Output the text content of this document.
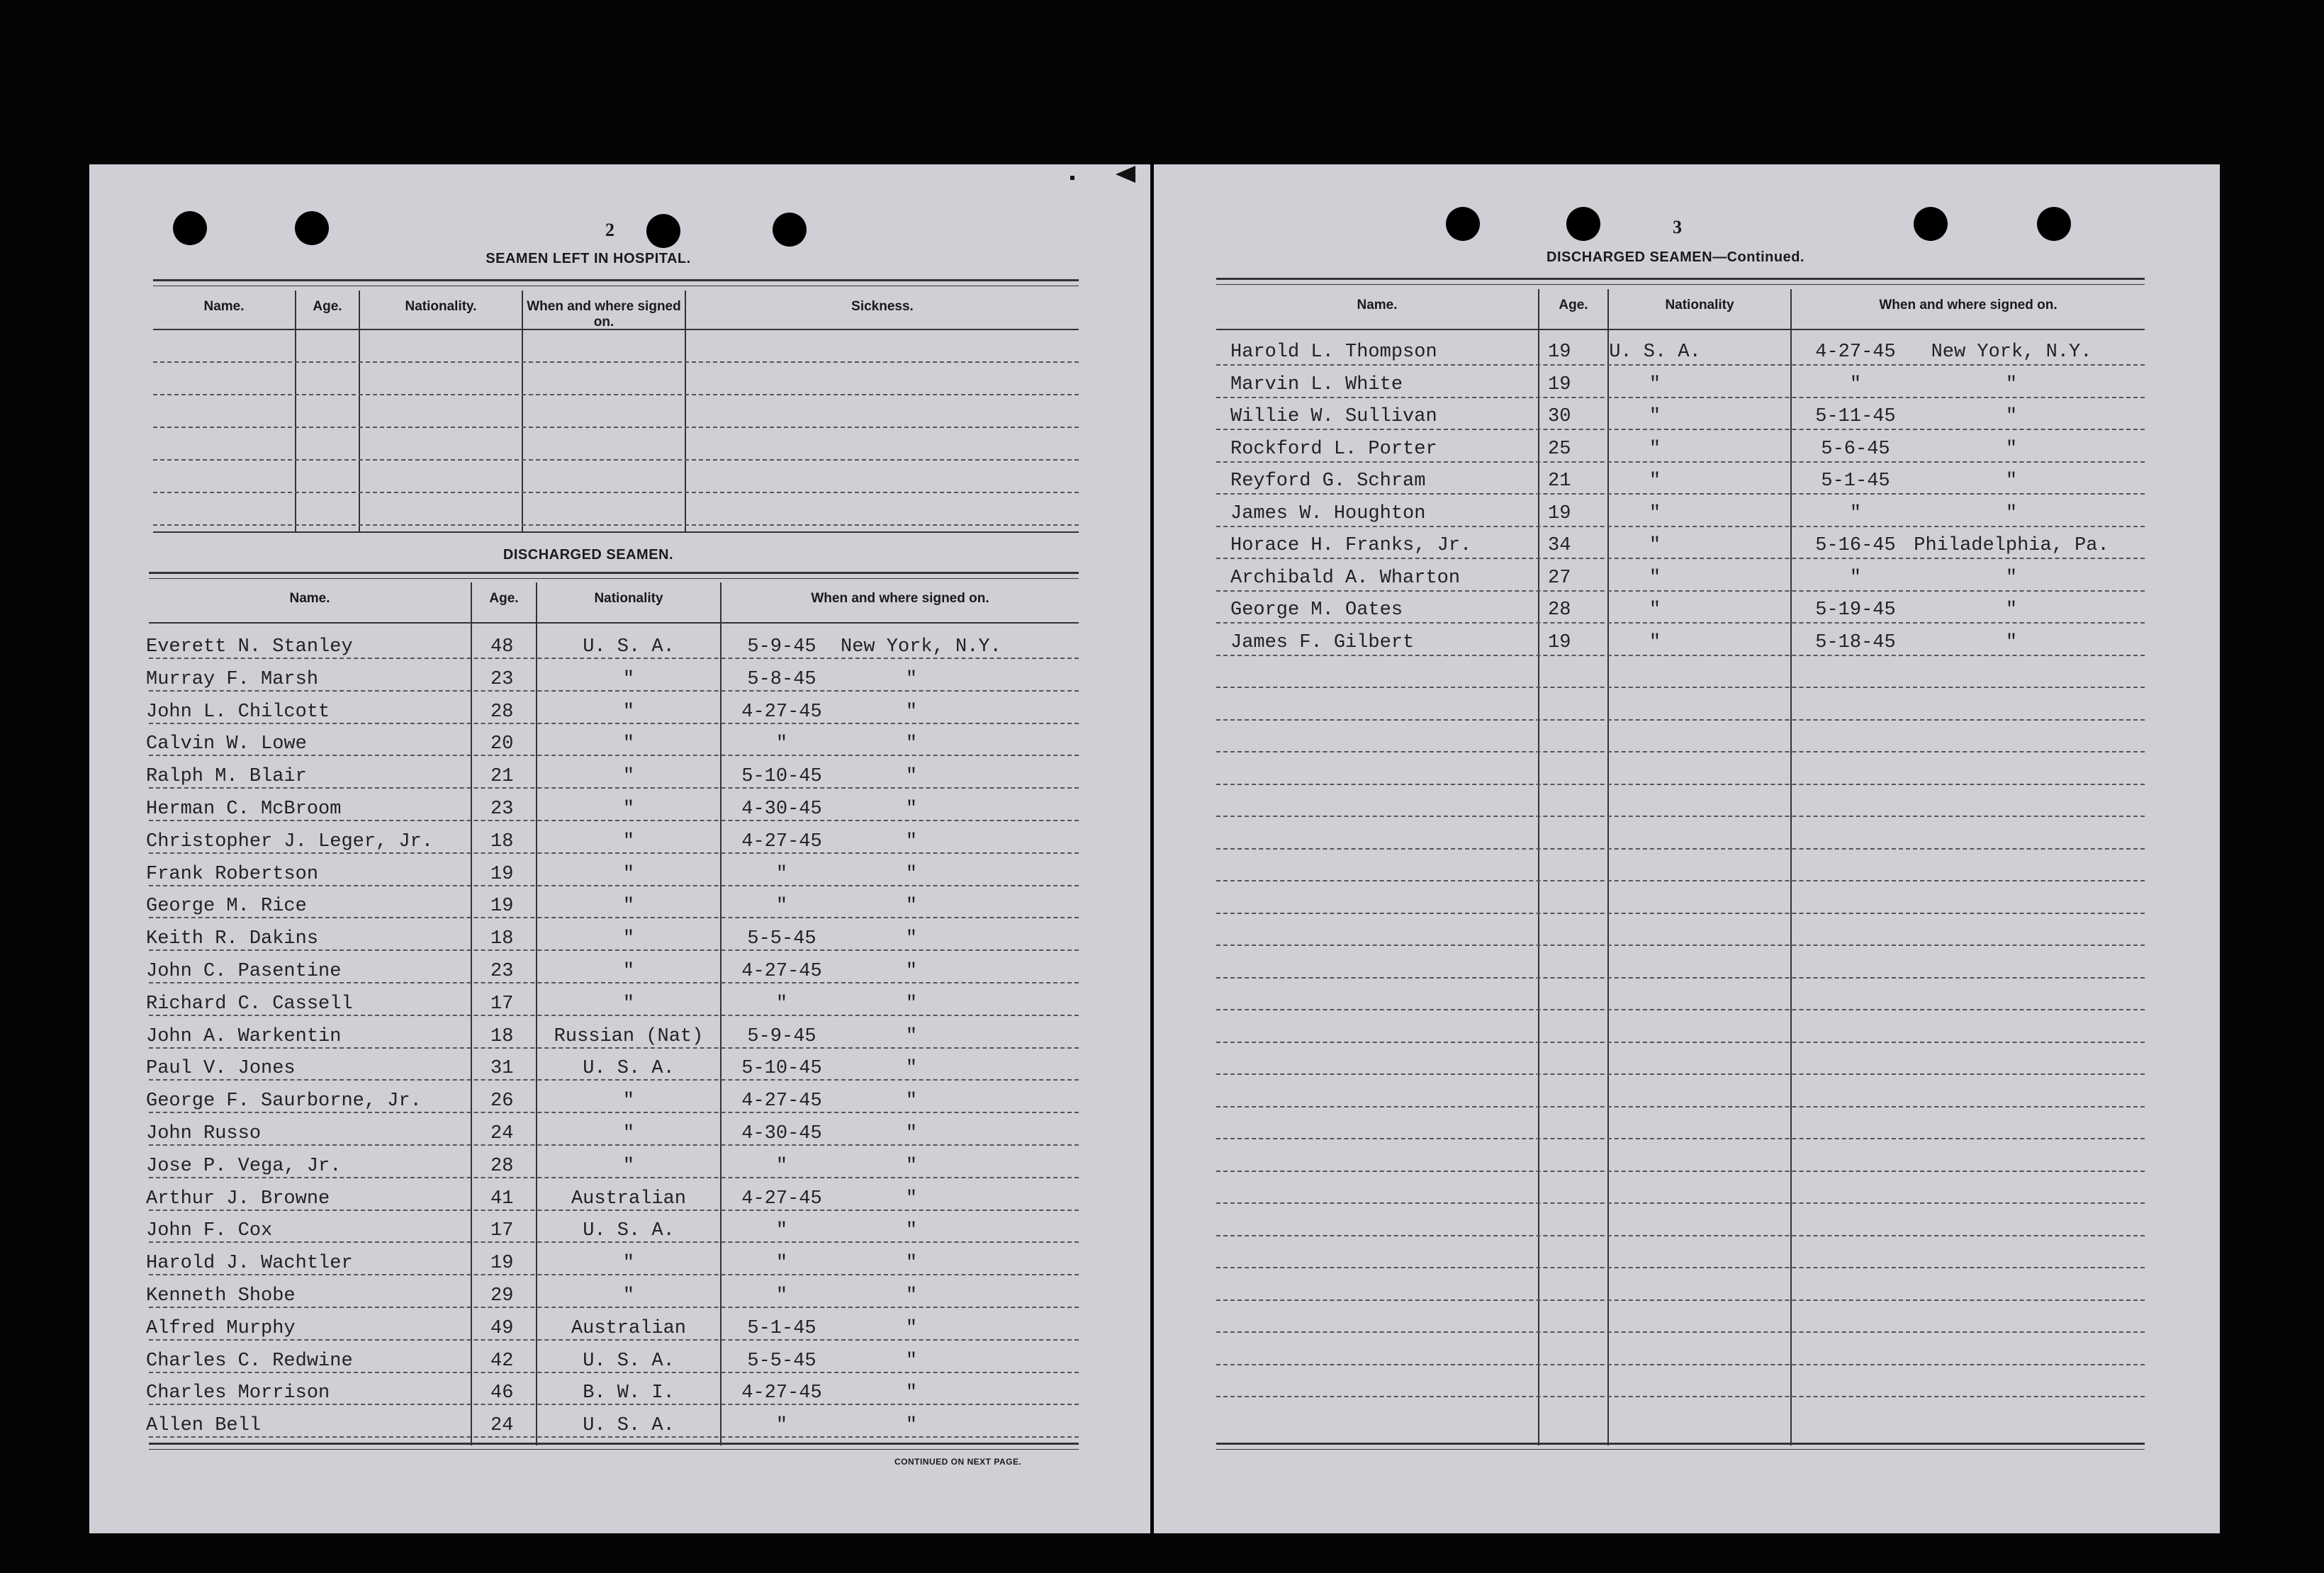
2
SEAMEN LEFT IN HOSPITAL.
Name.	Age.	Nationality.	When and where signed on.
Sickness.
DISCHARGED SEAMEN.
Name.	Age.	Nationality	When and where signed on.
Everett N. Stanley	48	U. S. A.	5-9-45	New York, N.Y.
Murray F. Marsh	23	"	5-8-45	"
John L. Chilcott	28	"	4-27-45	"
Calvin W. Lowe	20	"	"	"
Ralph M. Blair	21	"	5-10-45	"
Herman C. McBroom	23	"	4-30-45	"
Christopher J. Leger, Jr.	18	"	4-27-45	"
Frank Robertson	19	"	"	"
George M. Rice	19	"	"	"
Keith R. Dakins	18	"	5-5-45	"
John C. Pasentine	23	"	4-27-45	"
Richard C. Cassell	17	"	"	"
John A. Warkentin	18	Russian (Nat)	5-9-45	"
Paul V. Jones	31	U. S. A.	5-10-45	"
George F. Saurborne, Jr.	26	"	4-27-45	"
John Russo	24	"	4-30-45	"
Jose P. Vega, Jr.	28	"	"	"
Arthur J. Browne	41	Australian	4-27-45	"
John F. Cox	17	U. S. A.	"	"
Harold J. Wachtler	19	"	"	"
Kenneth Shobe	29	"	"	"
Alfred Murphy	49	Australian	5-1-45	"
Charles C. Redwine	42	U. S. A.	5-5-45	"
Charles Morrison	46	B. W. I.	4-27-45	"
Allen Bell	24	U. S. A.	"	"
CONTINUED ON NEXT PAGE.
3
DISCHARGED SEAMEN—Continued.
Name.	Age.	Nationality	When and where signed on.
Harold L. Thompson	19 U. S. A.	4-27-45	New York, N.Y.
Marvin L. White	19	"	"	"
Willie W. Sullivan	30	"	5-11-45	"
Rockford L. Porter	25	"	5-6-45	"
Reyford G. Schram	21	"	5-1-45	"
James W. Houghton	19	"	"	"
Horace H. Franks, Jr.	34	"	5-16-45 Philadelphia, Pa.
Archibald A. Wharton	27	"	"	"
George M. Oates	28	"	5-19-45	"
James F. Gilbert	19	"	5-18-45	"
